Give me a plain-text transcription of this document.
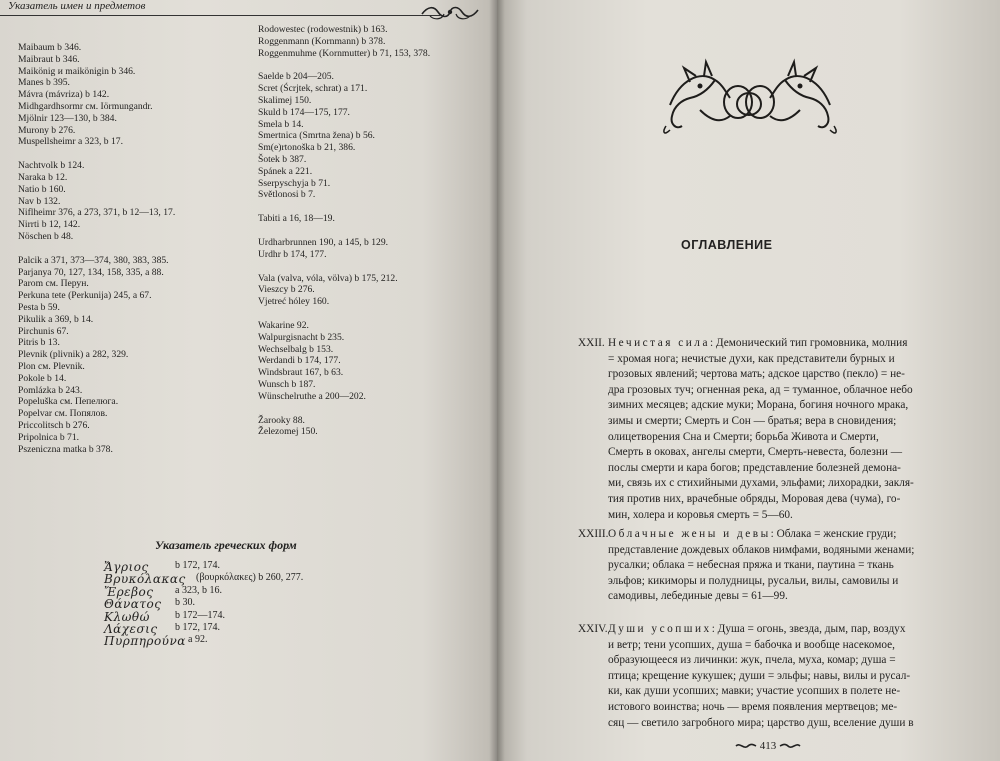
Указатель имен и предметов
Maibaum b 346.
Maibraut b 346.
Maikönig и maikönigin b 346.
Manes b 395.
Mávra (mávriza) b 142.
Midhgardhsormr см. Iörmungandr.
Mjölnir 123—130, b 384.
Murony b 276.
Muspellsheimr a 323, b 17.
Nachtvolk b 124.
Naraka b 12.
Natio b 160.
Nav b 132.
Niflheimr 376, a 273, 371, b 12—13, 17.
Nirrti b 12, 142.
Nöschen b 48.
Palcik a 371, 373—374, 380, 383, 385.
Parjanya 70, 127, 134, 158, 335, a 88.
Parom см. Перун.
Perkuna tete (Perkunija) 245, a 67.
Pesta b 59.
Pikulik a 369, b 14.
Pirchunis 67.
Pitris b 13.
Plevnik (plivnik) a 282, 329.
Plon см. Plevnik.
Pokole b 14.
Pomlázka b 243.
Popeluška см. Пепелюга.
Popelvar см. Попялов.
Priccolitsch b 276.
Pripolnica b 71.
Pszeniczna matka b 378.
Rodowestec (rodowestnik) b 163.
Roggenmann (Kornmann) b 378.
Roggenmuhme (Kornmutter) b 71, 153, 378.
Saelde b 204—205.
Scret (Ścrjtek, schrat) a 171.
Skalimej 150.
Skuld b 174—175, 177.
Smela b 14.
Smertnica (Smrtna žena) b 56.
Sm(e)rtonoška b 21, 386.
Šotek b 387.
Spánek a 221.
Sserpyschyja b 71.
Světlonosi b 7.
Tabiti a 16, 18—19.
Urdharbrunnen 190, a 145, b 129.
Urdhr b 174, 177.
Vala (valva, vóla, völva) b 175, 212.
Vieszcy b 276.
Vjetreć hóley 160.
Wakarine 92.
Walpurgisnacht b 235.
Wechselbalg b 153.
Werdandi b 174, 177.
Windsbraut 167, b 63.
Wunsch b 187.
Wünschelruthe a 200—202.
Žarooky 88.
Železomej 150.
Указатель греческих форм
Ἄγριος	b 172, 174.
Βρυκόλακας (βουρκόλακες) b 260, 277.
Ἔρεβος a 323, b 16.
Θάνατος b 30.
Κλωθώ	b 172—174.
Λάχεσις b 172, 174.
Πυρπηρούνα a 92.
ОГЛАВЛЕНИЕ
XXII. Нечистая сила: Демонический тип громовника, молния
= хромая нога; нечистые духи, как представители бурных и
грозовых явлений; чертова мать; адское царство (пекло) = не-
дра грозовых туч; огненная река, ад = туманное, облачное небо
зимних месяцев; адские муки; Морана, богиня ночного мрака,
зимы и смерти; Смерть и Сон — братья; вера в сновидения;
олицетворения Сна и Смерти; борьба Живота и Смерти,
Смерть в оковах, ангелы смерти, Смерть-невеста, болезни —
послы смерти и кара богов; представление болезней демона-
ми, связь их с стихийными духами, эльфами; лихорадки, закля-
тия против них, врачебные обряды, Моровая дева (чума), го-
мин, холера и коровья смерть = 5—60.
XXIII. Облачные жены и девы: Облака = женские груди;
представление дождевых облаков нимфами, водяными женами;
русалки; облака = небесная пряжа и ткани, паутина = ткань
эльфов; кикиморы и полудницы, русальи, вилы, самовилы и
самодивы, лебединые девы = 61—99.
XXIV. Души усопших: Душа = огонь, звезда, дым, пар, воздух
и ветр; тени усопших, душа = бабочка и вообще насекомое,
образующееся из личинки: жук, пчела, муха, комар; душа =
птица; крещение кукушек; души = эльфы; навы, вилы и русал-
ки, как души усопших; мавки; участие усопших в полете не-
истового воинства; ночь — время появления мертвецов; ме-
сяц — светило загробного мира; царство душ, вселение души в
413
